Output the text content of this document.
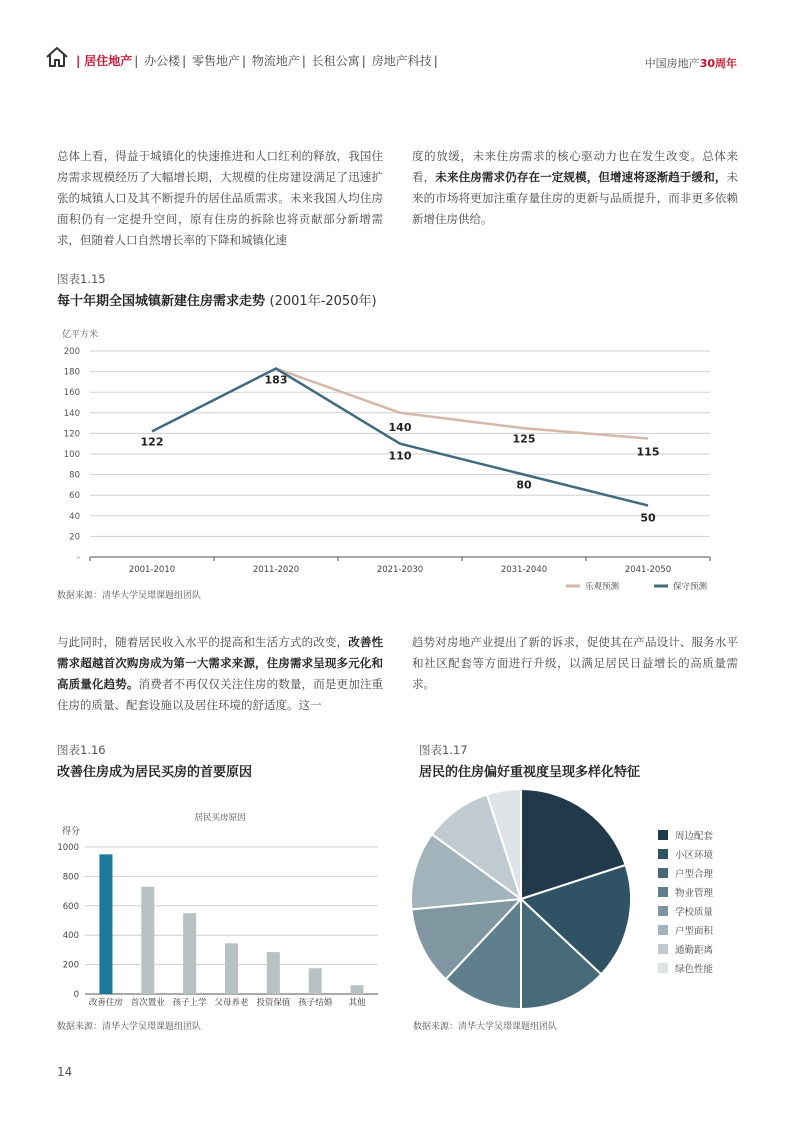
| 居住地产 | 办公楼 | 零售地产 | 物流地产 | 长租公寓 | 房地产科技 |	中国房地产30周年
总体上看，得益于城镇化的快速推进和人口红利的释放，我国住房需求规模经历了大幅增长期，大规模的住房建设满足了迅速扩张的城镇人口及其不断提升的居住品质需求。未来我国人均住房面积仍有一定提升空间，原有住房的拆除也将贡献部分新增需求，但随着人口自然增长率的下降和城镇化速
度的放缓，未来住房需求的核心驱动力也在发生改变。总体来看，未来住房需求仍存在一定规模，但增速将逐渐趋于缓和，未来的市场将更加注重存量住房的更新与品质提升，而非更多依赖新增住房供给。
图表1.15
每十年期全国城镇新建住房需求走势 (2001年-2050年)
亿平方米
-
20
40
60
80
100
120
140
160
180
200
2001-2010	2011-2020	2021-2030	2031-2040	2041-2050
140
125
115
122
183
110
80
50
乐观预测	保守预测
数据来源：清华大学吴璟课题组团队
与此同时，随着居民收入水平的提高和生活方式的改变，改善性需求超越首次购房成为第一大需求来源，住房需求呈现多元化和高质量化趋势。消费者不再仅仅关注住房的数量，而是更加注重住房的质量、配套设施以及居住环境的舒适度。这一
趋势对房地产业提出了新的诉求，促使其在产品设计、服务水平和社区配套等方面进行升级，以满足居民日益增长的高质量需求。
图表1.16
改善住房成为居民买房的首要原因
居民买房原因
得分
0
200
400
600
800
1000
改善住房 首次置业 孩子上学 父母养老 投资保值 孩子结婚 其他
数据来源：清华大学吴璟课题组团队
图表1.17
居民的住房偏好重视度呈现多样化特征
周边配套
小区环境
户型合理
物业管理
学校质量
户型面积
通勤距离
绿色性能
数据来源：清华大学吴璟课题组团队
14
